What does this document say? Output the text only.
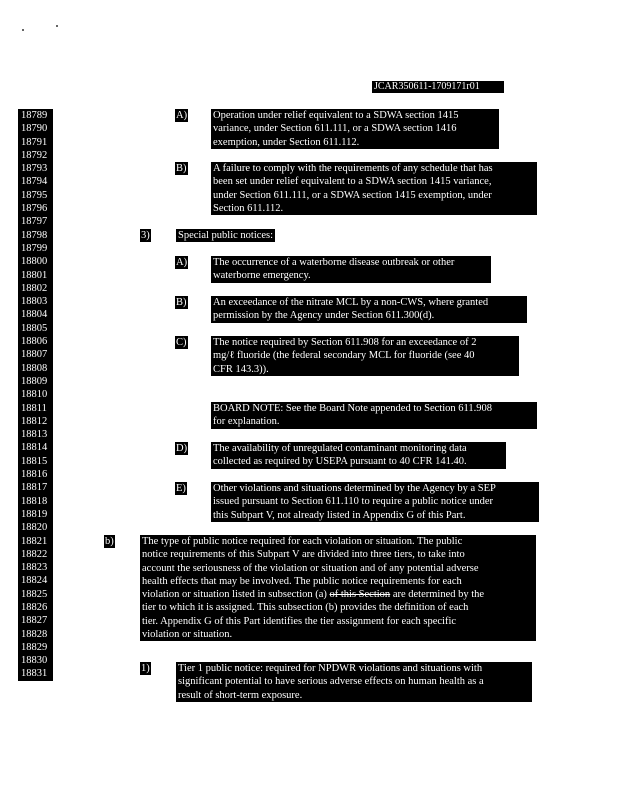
JCAR350611-1709171r01
18789
18790
18791
18792
18793
18794
18795
18796
18797
18798
18799
18800
18801
18802
18803
18804
18805
18806
18807
18808
18809
18810
18811
18812
18813
18814
18815
18816
18817
18818
18819
18820
18821
18822
18823
18824
18825
18826
18827
18828
18829
18830
18831
A) Operation under relief equivalent to a SDWA section 1415
variance, under Section 611.111, or a SDWA section 1416
exemption, under Section 611.112.
B)	A failure to comply with the requirements of any schedule that has
been set under relief equivalent to a SDWA section 1415 variance,
under Section 611.111, or a SDWA section 1415 exemption, under
Section 611.112.
3)	Special public notices:
A) The occurrence of a waterborne disease outbreak or other
waterborne emergency.
B)	An exceedance of the nitrate MCL by a non-CWS, where granted
permission by the Agency under Section 611.300(d).
C)	The notice required by Section 611.908 for an exceedance of 2
mg/ℓ fluoride (the federal secondary MCL for fluoride (see 40
CFR 143.3)).
BOARD NOTE: See the Board Note appended to Section 611.908
for explanation.
D) The availability of unregulated contaminant monitoring data
collected as required by USEPA pursuant to 40 CFR 141.40.
E)	Other violations and situations determined by the Agency by a SEP
issued pursuant to Section 611.110 to require a public notice under
this Subpart V, not already listed in Appendix G of this Part.
b)	The type of public notice required for each violation or situation. The public
notice requirements of this Subpart V are divided into three tiers, to take into
account the seriousness of the violation or situation and of any potential adverse
health effects that may be involved. The public notice requirements for each
violation or situation listed in subsection (a) of this Section are determined by the
tier to which it is assigned. This subsection (b) provides the definition of each
tier. Appendix G of this Part identifies the tier assignment for each specific
violation or situation.
1)	Tier 1 public notice: required for NPDWR violations and situations with
significant potential to have serious adverse effects on human health as a
result of short-term exposure.
